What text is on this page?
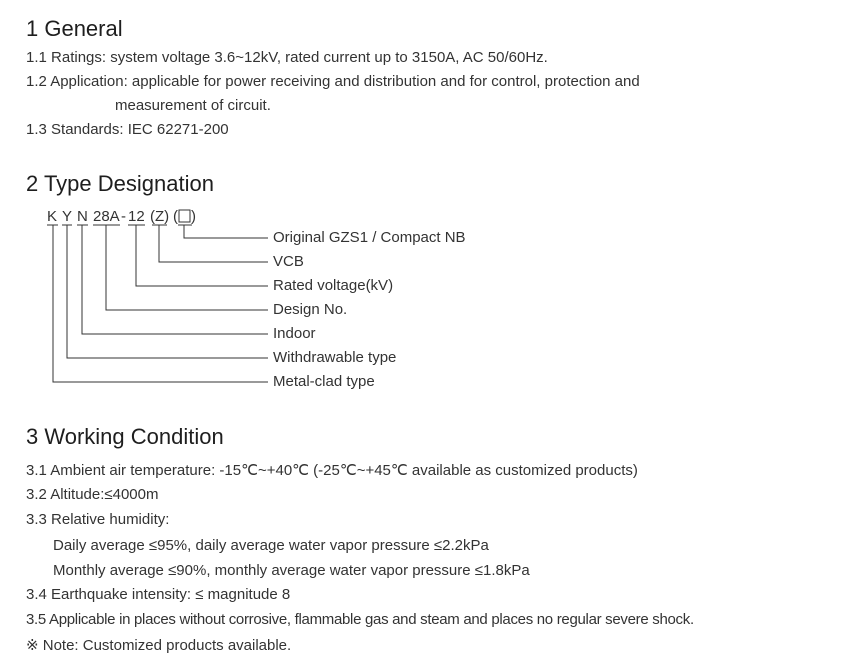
1 General

1.1 Ratings: system voltage 3.6~12kV, rated current up to 3150A, AC 50/60Hz.

1.2 Application: applicable for power receiving and distribution and for control, protection and

measurement of circuit.

1.3 Standards: IEC 62271-200

2 Type Designation
K Y N 28A - 12 (Z) ( )
Original GZS1 / Compact NB
VCB
Rated voltage(kV)
Design No.
Indoor
Withdrawable type
Metal-clad type
3 Working Condition

3.1 Ambient air temperature: -15℃~+40℃ (-25℃~+45℃ available as customized products)

3.2 Altitude:≤4000m

3.3 Relative humidity:

Daily average ≤95%, daily average water vapor pressure ≤2.2kPa

Monthly average ≤90%, monthly average water vapor pressure ≤1.8kPa

3.4 Earthquake intensity: ≤ magnitude 8

3.5 Applicable in places without corrosive, flammable gas and steam and places no regular severe shock.

※ Note: Customized products available.
